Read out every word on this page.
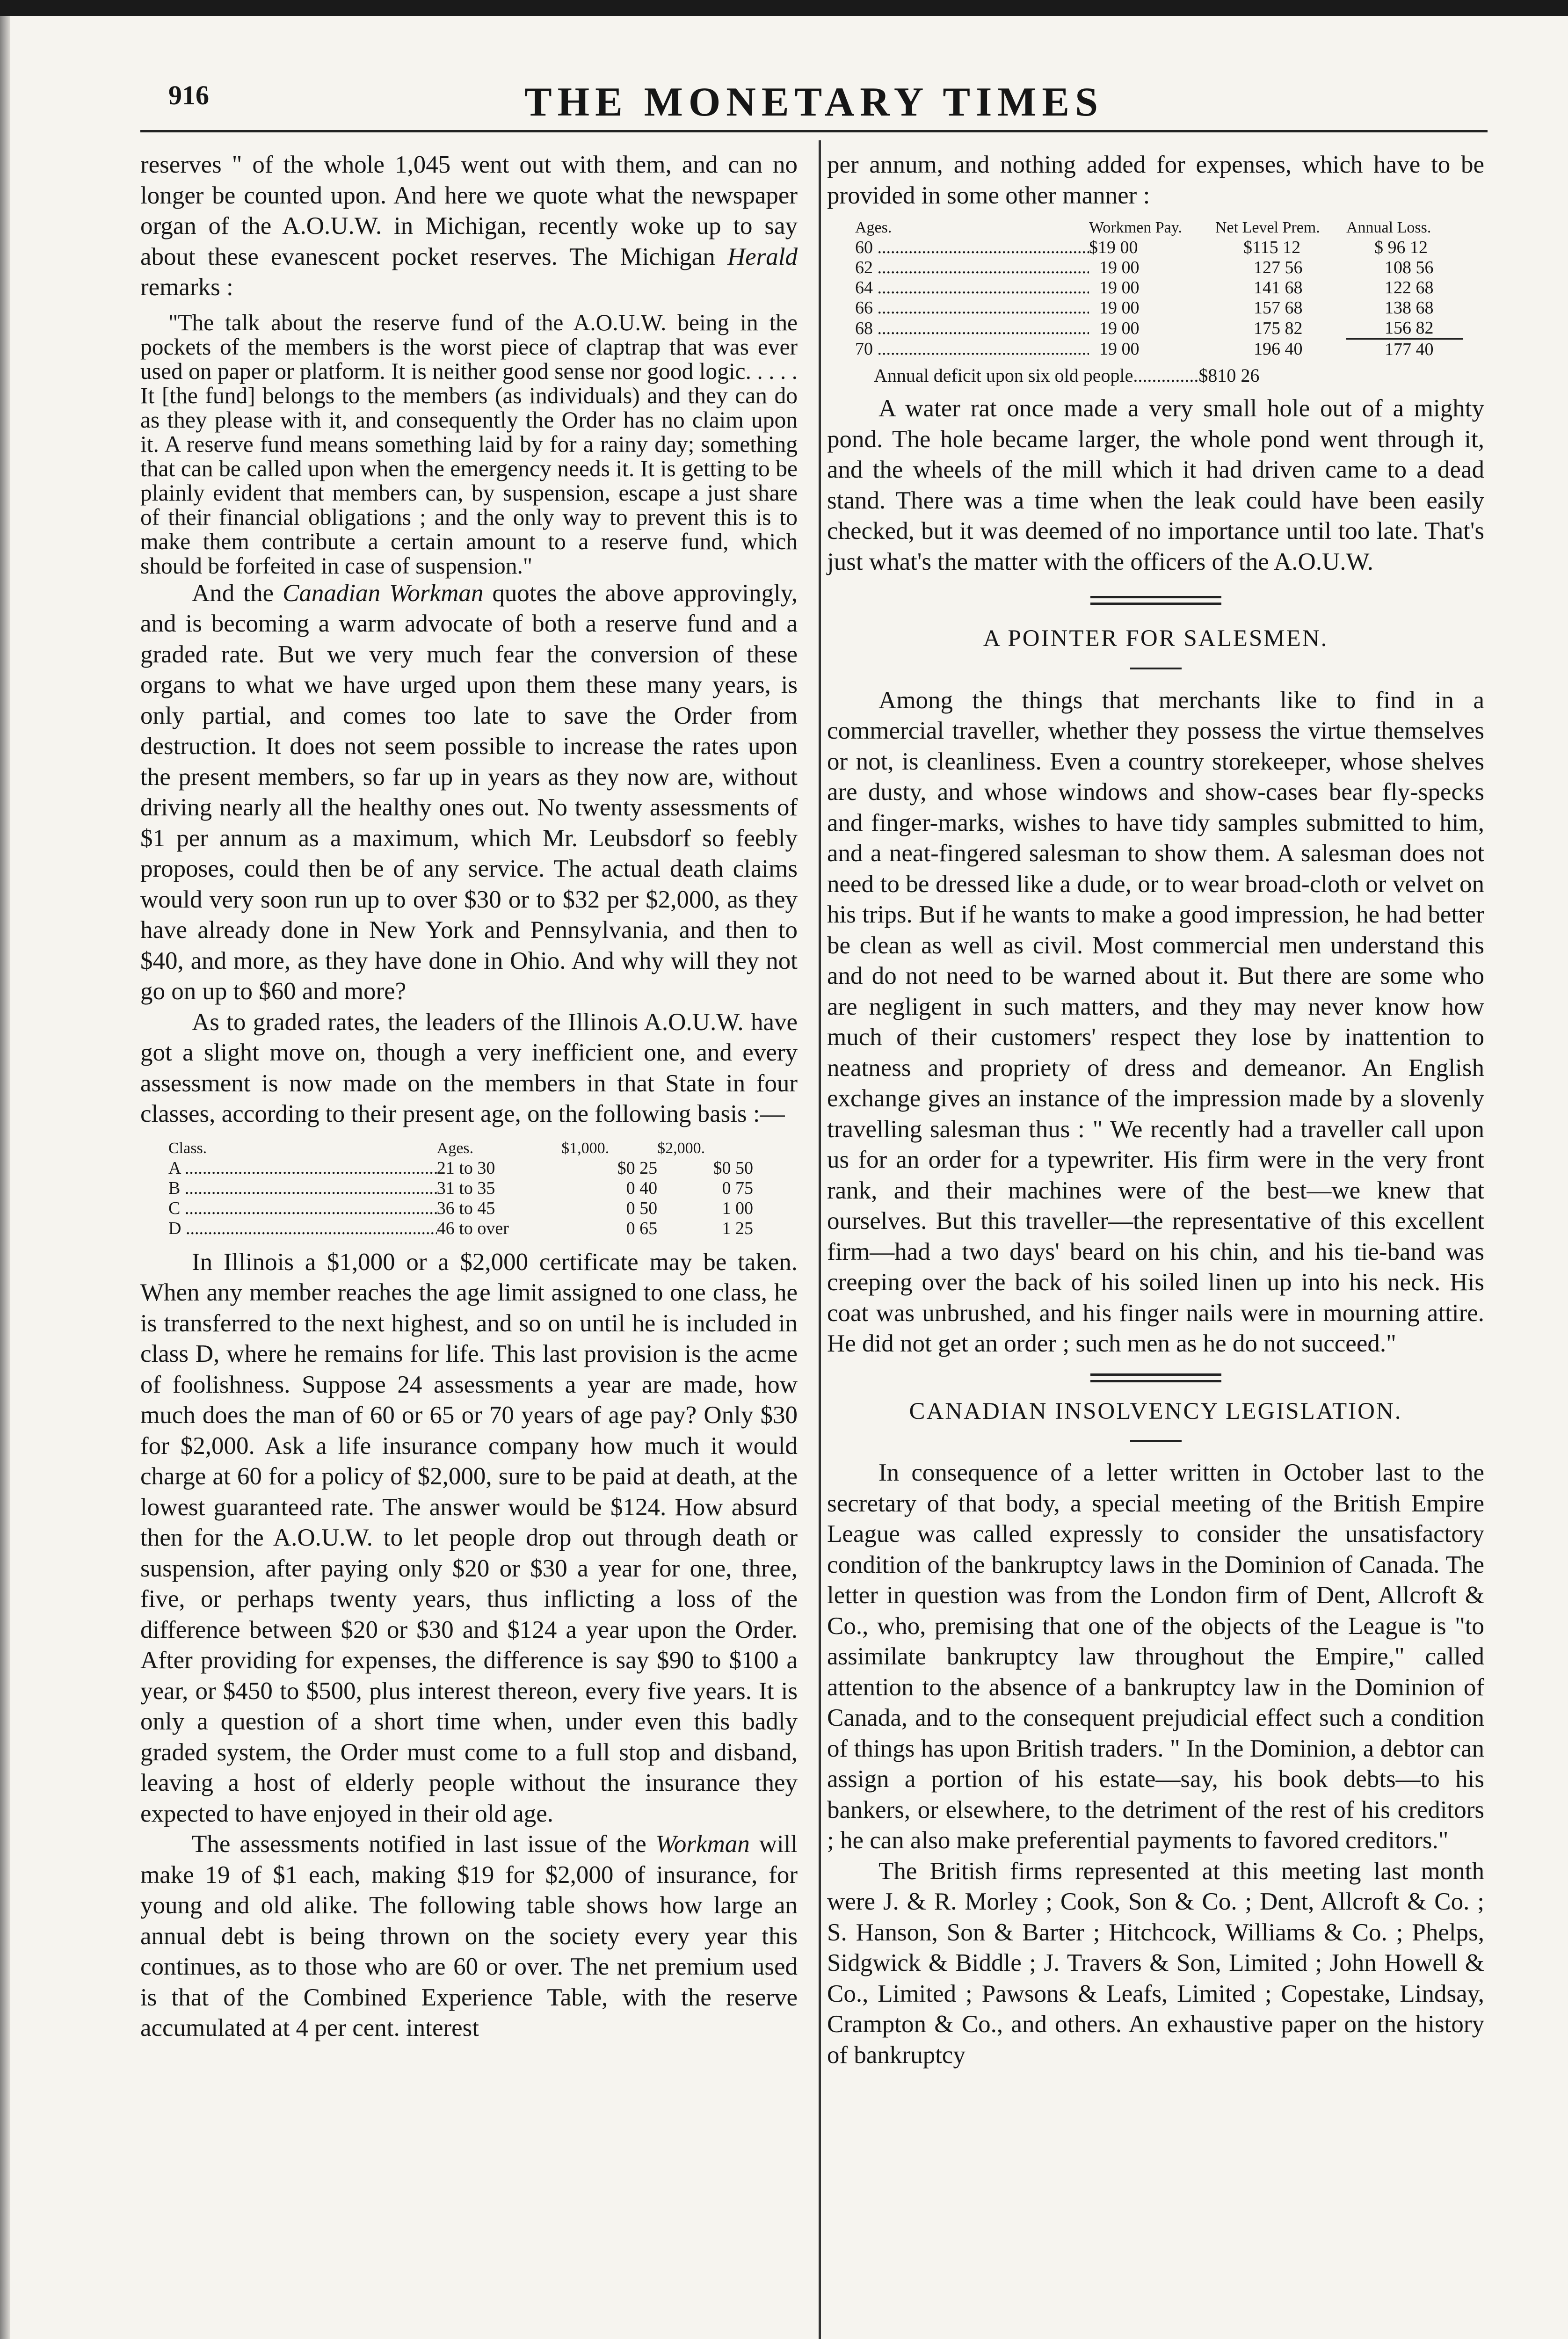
916	THE MONETARY TIMES

reserves " of the whole 1,045 went out with them, and can no longer be counted upon. And here we quote what the newspaper organ of the A.O.U.W. in Michigan, recently woke up to say about these evanescent pocket reserves. The Michigan Herald remarks :

"The talk about the reserve fund of the A.O.U.W. being in the pockets of the members is the worst piece of claptrap that was ever used on paper or platform. It is neither good sense nor good logic. . . . . It [the fund] belongs to the members (as individuals) and they can do as they please with it, and consequently the Order has no claim upon it. A reserve fund means something laid by for a rainy day; something that can be called upon when the emergency needs it. It is getting to be plainly evident that members can, by suspension, escape a just share of their financial obligations ; and the only way to prevent this is to make them contribute a certain amount to a reserve fund, which should be forfeited in case of suspension."

And the Canadian Workman quotes the above approvingly, and is becoming a warm advocate of both a reserve fund and a graded rate. But we very much fear the conversion of these organs to what we have urged upon them these many years, is only partial, and comes too late to save the Order from destruction. It does not seem possible to increase the rates upon the present members, so far up in years as they now are, without driving nearly all the healthy ones out. No twenty assessments of $1 per annum as a maximum, which Mr. Leubsdorf so feebly proposes, could then be of any service. The actual death claims would very soon run up to over $30 or to $32 per $2,000, as they have already done in New York and Pennsylvania, and then to $40, and more, as they have done in Ohio. And why will they not go on up to $60 and more?

As to graded rates, the leaders of the Illinois A.O.U.W. have got a slight move on, though a very inefficient one, and every assessment is now made on the members in that State in four classes, according to their present age, on the following basis :—

Class.	Ages.	$1,000.	$2,000.
A .....	21 to 30	$0 25	$0 50
B .....	31 to 35	0 40	0 75
C .....	36 to 45	0 50	1 00
D .....	46 to over	0 65	1 25

In Illinois a $1,000 or a $2,000 certificate may be taken. When any member reaches the age limit assigned to one class, he is transferred to the next highest, and so on until he is included in class D, where he remains for life. This last provision is the acme of foolishness. Suppose 24 assessments a year are made, how much does the man of 60 or 65 or 70 years of age pay? Only $30 for $2,000. Ask a life insurance company how much it would charge at 60 for a policy of $2,000, sure to be paid at death, at the lowest guaranteed rate. The answer would be $124. How absurd then for the A.O.U.W. to let people drop out through death or suspension, after paying only $20 or $30 a year for one, three, five, or perhaps twenty years, thus inflicting a loss of the difference between $20 or $30 and $124 a year upon the Order. After providing for expenses, the difference is say $90 to $100 a year, or $450 to $500, plus interest thereon, every five years. It is only a question of a short time when, under even this badly graded system, the Order must come to a full stop and disband, leaving a host of elderly people without the insurance they expected to have enjoyed in their old age.

The assessments notified in last issue of the Workman will make 19 of $1 each, making $19 for $2,000 of insurance, for young and old alike. The following table shows how large an annual debt is being thrown on the society every year this continues, as to those who are 60 or over. The net premium used is that of the Combined Experience Table, with the reserve accumulated at 4 per cent. interest

per annum, and nothing added for expenses, which have to be provided in some other manner :

Ages.	Workmen Pay.	Net Level Prem.	Annual Loss.
60 .....	$19 00	$115 12	$ 96 12
62 .....	19 00	127 56	108 56
64 .....	19 00	141 68	122 68
66 .....	19 00	157 68	138 68
68 .....	19 00	175 82	156 82
70 .....	19 00	196 40	177 40
Annual deficit upon six old people..............$810 26

A water rat once made a very small hole out of a mighty pond. The hole became larger, the whole pond went through it, and the wheels of the mill which it had driven came to a dead stand. There was a time when the leak could have been easily checked, but it was deemed of no importance until too late. That's just what's the matter with the officers of the A.O.U.W.

A POINTER FOR SALESMEN.

Among the things that merchants like to find in a commercial traveller, whether they possess the virtue themselves or not, is cleanliness. Even a country storekeeper, whose shelves are dusty, and whose windows and show-cases bear fly-specks and finger-marks, wishes to have tidy samples submitted to him, and a neat-fingered salesman to show them. A salesman does not need to be dressed like a dude, or to wear broad-cloth or velvet on his trips. But if he wants to make a good impression, he had better be clean as well as civil. Most commercial men understand this and do not need to be warned about it. But there are some who are negligent in such matters, and they may never know how much of their customers' respect they lose by inattention to neatness and propriety of dress and demeanor. An English exchange gives an instance of the impression made by a slovenly travelling salesman thus : " We recently had a traveller call upon us for an order for a typewriter. His firm were in the very front rank, and their machines were of the best—we knew that ourselves. But this traveller—the representative of this excellent firm—had a two days' beard on his chin, and his tie-band was creeping over the back of his soiled linen up into his neck. His coat was unbrushed, and his finger nails were in mourning attire. He did not get an order ; such men as he do not succeed."

CANADIAN INSOLVENCY LEGISLATION.

In consequence of a letter written in October last to the secretary of that body, a special meeting of the British Empire League was called expressly to consider the unsatisfactory condition of the bankruptcy laws in the Dominion of Canada. The letter in question was from the London firm of Dent, Allcroft & Co., who, premising that one of the objects of the League is "to assimilate bankruptcy law throughout the Empire," called attention to the absence of a bankruptcy law in the Dominion of Canada, and to the consequent prejudicial effect such a condition of things has upon British traders. " In the Dominion, a debtor can assign a portion of his estate—say, his book debts—to his bankers, or elsewhere, to the detriment of the rest of his creditors ; he can also make preferential payments to favored creditors."

The British firms represented at this meeting last month were J. & R. Morley ; Cook, Son & Co. ; Dent, Allcroft & Co. ; S. Hanson, Son & Barter ; Hitchcock, Williams & Co. ; Phelps, Sidgwick & Biddle ; J. Travers & Son, Limited ; John Howell & Co., Limited ; Pawsons & Leafs, Limited ; Copestake, Lindsay, Crampton & Co., and others. An exhaustive paper on the history of bankruptcy
